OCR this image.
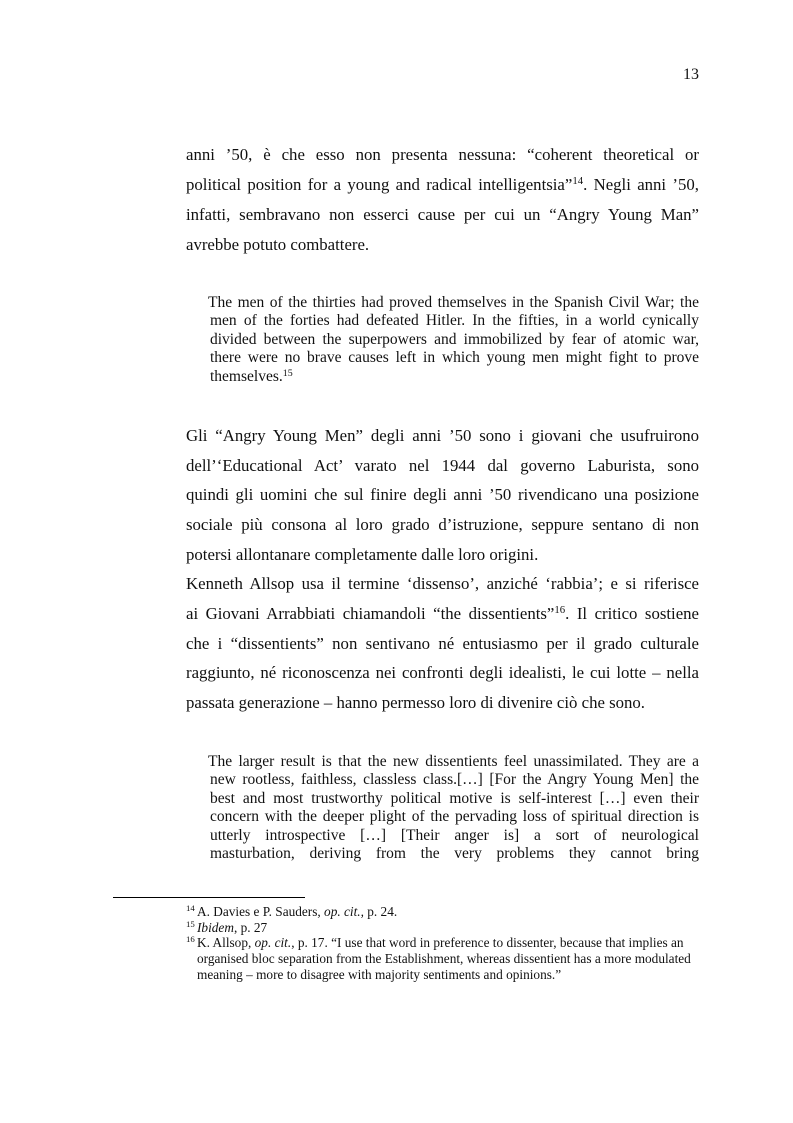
13
anni ’50, è che esso non presenta nessuna: “coherent theoretical or
political position for a young and radical intelligentsia”$^{14}$. Negli anni ’50,
infatti, sembravano non esserci cause per cui un “Angry Young Man”
avrebbe potuto combattere.
The men of the thirties had proved themselves in the Spanish Civil War; the
men of the forties had defeated Hitler. In the fifties, in a world cynically
divided between the superpowers and immobilized by fear of atomic war,
there were no brave causes left in which young men might fight to prove
themselves.$^{15}$
Gli “Angry Young Men” degli anni ’50 sono i giovani che usufruirono
dell’‘Educational Act’ varato nel 1944 dal governo Laburista, sono
quindi gli uomini che sul finire degli anni ’50 rivendicano una posizione
sociale più consona al loro grado d’istruzione, seppure sentano di non
potersi allontanare completamente dalle loro origini.
Kenneth Allsop usa il termine ‘dissenso’, anziché ‘rabbia’; e si riferisce
ai Giovani Arrabbiati chiamandoli “the dissentients”$^{16}$. Il critico sostiene
che i “dissentients” non sentivano né entusiasmo per il grado culturale
raggiunto, né riconoscenza nei confronti degli idealisti, le cui lotte – nella
passata generazione – hanno permesso loro di divenire ciò che sono.
The larger result is that the new dissentients feel unassimilated. They are a
new rootless, faithless, classless class.[…] [For the Angry Young Men] the
best and most trustworthy political motive is self-interest […] even their
concern with the deeper plight of the pervading loss of spiritual direction is
utterly introspective […] [Their anger is] a sort of neurological
masturbation, deriving from the very problems they cannot bring
14 A. Davies e P. Sauders, op. cit., p. 24.
15 Ibidem, p. 27
16 K. Allsop, op. cit., p. 17. “I use that word in preference to dissenter, because that implies an
organised bloc separation from the Establishment, whereas dissentient has a more modulated
meaning – more to disagree with majority sentiments and opinions.”
